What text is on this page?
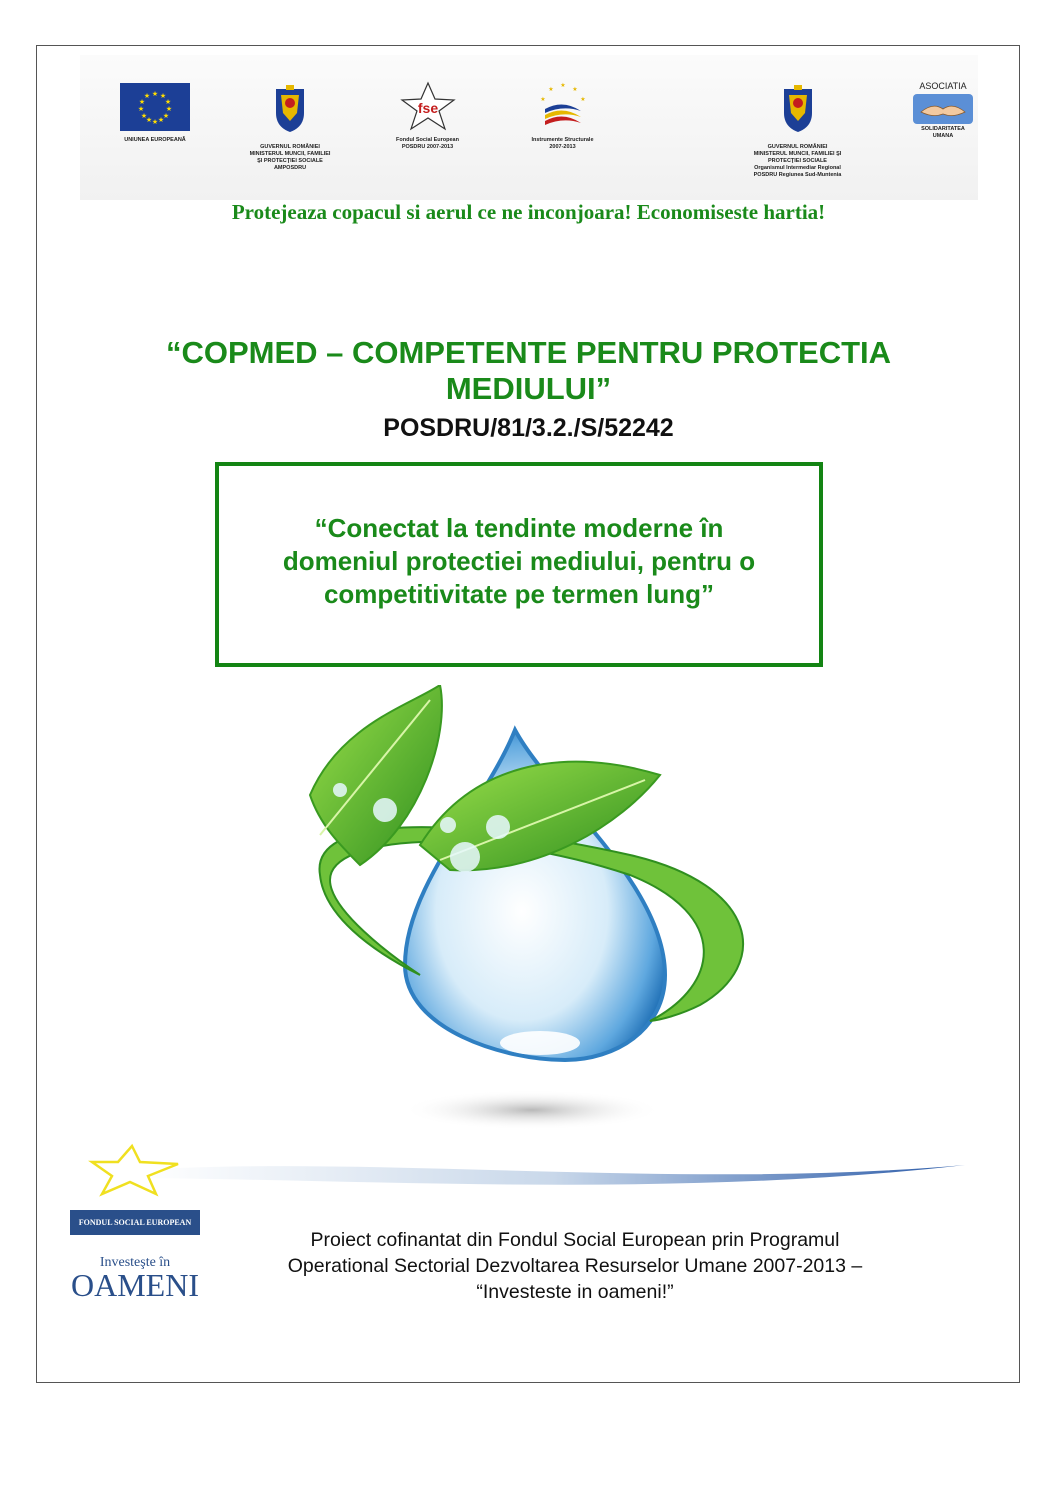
★ ★
★
★
★
★
★
★
★
★
★
★
UNIUNEA EUROPEANĂ
GUVERNUL ROMÂNIEI
MINISTERUL MUNCII, FAMILIEI
ŞI PROTECŢIEI SOCIALE
AMPOSDRU
fse
Fondul Social European
POSDRU 2007-2013
★
★
★
★
★
Instrumente Structurale
2007-2013	GUVERNUL ROMÂNIEI
MINISTERUL MUNCII, FAMILIEI ŞI
PROTECŢIEI SOCIALE
Organismul Intermediar Regional
POSDRU Regiunea Sud-Muntenia
ASOCIATIA
SOLIDARITATEA
UMANA
Protejeaza copacul si aerul ce ne inconjoara! Economiseste hartia!
“COPMED – COMPETENTE PENTRU PROTECTIA
MEDIULUI”
POSDRU/81/3.2./S/52242
“Conectat la tendinte moderne în
domeniul protectiei mediului, pentru o
competitivitate pe termen lung”
FONDUL SOCIAL EUROPEAN
Investeşte în
OAMENI
Proiect cofinantat din Fondul Social European prin Programul
Operational Sectorial Dezvoltarea Resurselor Umane 2007-2013 –
“Investeste in oameni!”
